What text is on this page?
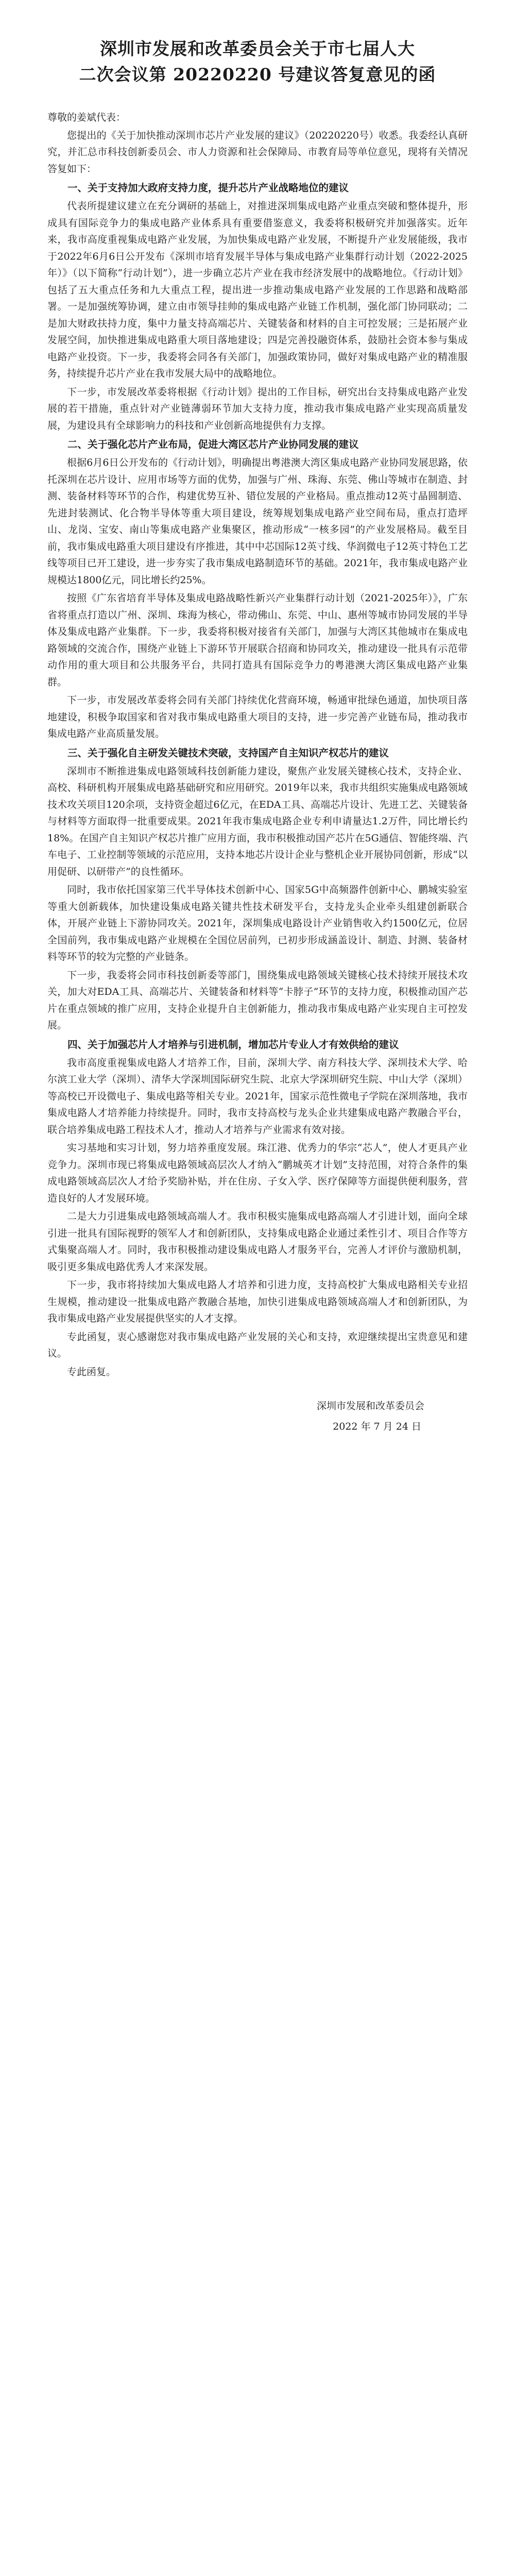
深圳市发展和改革委员会关于市七届人大
二次会议第 20220220 号建议答复意见的函

尊敬的姜斌代表：

您提出的《关于加快推动深圳市芯片产业发展的建议》（20220220号）收悉。我委经认真研究，并汇总市科技创新委员会、市人力资源和社会保障局、市教育局等单位意见，现将有关情况答复如下：

一、关于支持加大政府支持力度，提升芯片产业战略地位的建议

代表所提建议建立在充分调研的基础上，对推进深圳集成电路产业重点突破和整体提升，形成具有国际竞争力的集成电路产业体系具有重要借鉴意义，我委将积极研究并加强落实。近年来，我市高度重视集成电路产业发展，为加快集成电路产业发展，不断提升产业发展能级，我市于2022年6月6日公开发布《深圳市培育发展半导体与集成电路产业集群行动计划（2022-2025年）》（以下简称“行动计划”），进一步确立芯片产业在我市经济发展中的战略地位。《行动计划》包括了五大重点任务和九大重点工程，提出进一步推动集成电路产业发展的工作思路和战略部署。一是加强统筹协调，建立由市领导挂帅的集成电路产业链工作机制，强化部门协同联动；二是加大财政扶持力度，集中力量支持高端芯片、关键装备和材料的自主可控发展；三是拓展产业发展空间，加快推进集成电路重大项目落地建设；四是完善投融资体系，鼓励社会资本参与集成电路产业投资。下一步，我委将会同各有关部门，加强政策协同，做好对集成电路产业的精准服务，持续提升芯片产业在我市发展大局中的战略地位。

下一步，市发展改革委将根据《行动计划》提出的工作目标，研究出台支持集成电路产业发展的若干措施，重点针对产业链薄弱环节加大支持力度，推动我市集成电路产业实现高质量发展，为建设具有全球影响力的科技和产业创新高地提供有力支撑。

二、关于强化芯片产业布局，促进大湾区芯片产业协同发展的建议

根据6月6日公开发布的《行动计划》，明确提出粤港澳大湾区集成电路产业协同发展思路，依托深圳在芯片设计、应用市场等方面的优势，加强与广州、珠海、东莞、佛山等城市在制造、封测、装备材料等环节的合作，构建优势互补、错位发展的产业格局。重点推动12英寸晶圆制造、先进封装测试、化合物半导体等重大项目建设，统筹规划集成电路产业空间布局，重点打造坪山、龙岗、宝安、南山等集成电路产业集聚区，推动形成“一核多园”的产业发展格局。截至目前，我市集成电路重大项目建设有序推进，其中中芯国际12英寸线、华润微电子12英寸特色工艺线等项目已开工建设，进一步夯实了我市集成电路制造环节的基础。2021年，我市集成电路产业规模达1800亿元，同比增长约25%。

按照《广东省培育半导体及集成电路战略性新兴产业集群行动计划（2021-2025年）》，广东省将重点打造以广州、深圳、珠海为核心，带动佛山、东莞、中山、惠州等城市协同发展的半导体及集成电路产业集群。下一步，我委将积极对接省有关部门，加强与大湾区其他城市在集成电路领域的交流合作，围绕产业链上下游环节开展联合招商和协同攻关，推动建设一批具有示范带动作用的重大项目和公共服务平台，共同打造具有国际竞争力的粤港澳大湾区集成电路产业集群。

下一步，市发展改革委将会同有关部门持续优化营商环境，畅通审批绿色通道，加快项目落地建设，积极争取国家和省对我市集成电路重大项目的支持，进一步完善产业链布局，推动我市集成电路产业高质量发展。

三、关于强化自主研发关键技术突破，支持国产自主知识产权芯片的建议

深圳市不断推进集成电路领域科技创新能力建设，聚焦产业发展关键核心技术，支持企业、高校、科研机构开展集成电路基础研究和应用研究。2019年以来，我市共组织实施集成电路领域技术攻关项目120余项，支持资金超过6亿元，在EDA工具、高端芯片设计、先进工艺、关键装备与材料等方面取得一批重要成果。2021年我市集成电路企业专利申请量达1.2万件，同比增长约18%。在国产自主知识产权芯片推广应用方面，我市积极推动国产芯片在5G通信、智能终端、汽车电子、工业控制等领域的示范应用，支持本地芯片设计企业与整机企业开展协同创新，形成“以用促研、以研带产”的良性循环。

同时，我市依托国家第三代半导体技术创新中心、国家5G中高频器件创新中心、鹏城实验室等重大创新载体，加快建设集成电路关键共性技术研发平台，支持龙头企业牵头组建创新联合体，开展产业链上下游协同攻关。2021年，深圳集成电路设计产业销售收入约1500亿元，位居全国前列，我市集成电路产业规模在全国位居前列，已初步形成涵盖设计、制造、封测、装备材料等环节的较为完整的产业链条。

下一步，我委将会同市科技创新委等部门，围绕集成电路领域关键核心技术持续开展技术攻关，加大对EDA工具、高端芯片、关键装备和材料等“卡脖子”环节的支持力度，积极推动国产芯片在重点领域的推广应用，支持企业提升自主创新能力，推动我市集成电路产业实现自主可控发展。

四、关于加强芯片人才培养与引进机制，增加芯片专业人才有效供给的建议

我市高度重视集成电路人才培养工作，目前，深圳大学、南方科技大学、深圳技术大学、哈尔滨工业大学（深圳）、清华大学深圳国际研究生院、北京大学深圳研究生院、中山大学（深圳）等高校已开设微电子、集成电路等相关专业。2021年，国家示范性微电子学院在深圳落地，我市集成电路人才培养能力持续提升。同时，我市支持高校与龙头企业共建集成电路产教融合平台，联合培养集成电路工程技术人才，推动人才培养与产业需求有效对接。

实习基地和实习计划，努力培养重度发展。珠江港、优秀力的华宗“芯人”，使人才更具产业竞争力。深圳市现已将集成电路领域高层次人才纳入“鹏城英才计划”支持范围，对符合条件的集成电路领域高层次人才给予奖励补贴，并在住房、子女入学、医疗保障等方面提供便利服务，营造良好的人才发展环境。

二是大力引进集成电路领域高端人才。我市积极实施集成电路高端人才引进计划，面向全球引进一批具有国际视野的领军人才和创新团队，支持集成电路企业通过柔性引才、项目合作等方式集聚高端人才。同时，我市积极推动建设集成电路人才服务平台，完善人才评价与激励机制，吸引更多集成电路优秀人才来深发展。

下一步，我市将持续加大集成电路人才培养和引进力度，支持高校扩大集成电路相关专业招生规模，推动建设一批集成电路产教融合基地，加快引进集成电路领域高端人才和创新团队，为我市集成电路产业发展提供坚实的人才支撑。

专此函复，衷心感谢您对我市集成电路产业发展的关心和支持，欢迎继续提出宝贵意见和建议。

专此函复。

深圳市发展和改革委员会
2022 年 7 月 24 日
